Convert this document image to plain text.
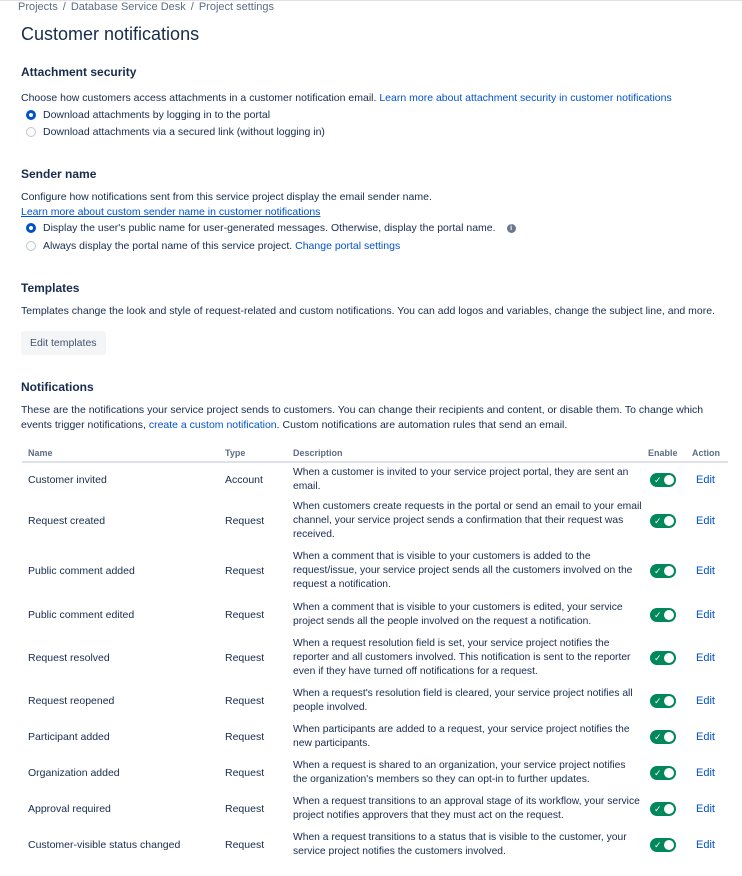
Projects / Database Service Desk / Project settings
Customer notifications
Attachment security
Choose how customers access attachments in a customer notification email. Learn more about attachment security in customer notifications
Download attachments by logging in to the portal
Download attachments via a secured link (without logging in)
Sender name
Configure how notifications sent from this service project display the email sender name.
Learn more about custom sender name in customer notifications
Display the user's public name for user-generated messages. Otherwise, display the portal name.	i
Always display the portal name of this service project. Change portal settings
Templates
Templates change the look and style of request-related and custom notifications. You can add logos and variables, change the subject line, and more.
Edit templates
Notifications
These are the notifications your service project sends to customers. You can change their recipients and content, or disable them. To change which
events trigger notifications, create a custom notification. Custom notifications are automation rules that send an email.
Name	Type	Description	Enable	Action
Customer invited	Account	When a customer is invited to your service project portal, they are sent an email.	✓	Edit
Request created	Request	When customers create requests in the portal or send an email to your email channel, your service project sends a confirmation that their request was received.	✓	Edit
Public comment added	Request	When a comment that is visible to your customers is added to the request/issue, your service project sends all the customers involved on the request a notification.	✓	Edit
Public comment edited	Request	When a comment that is visible to your customers is edited, your service project sends all the people involved on the request a notification.	✓	Edit
Request resolved	Request	When a request resolution field is set, your service project notifies the reporter and all customers involved. This notification is sent to the reporter even if they have turned off notifications for a request.	✓	Edit
Request reopened	Request	When a request's resolution field is cleared, your service project notifies all people involved.	✓	Edit
Participant added	Request	When participants are added to a request, your service project notifies the new participants.	✓	Edit
Organization added	Request	When a request is shared to an organization, your service project notifies the organization's members so they can opt-in to further updates.	✓	Edit
Approval required	Request	When a request transitions to an approval stage of its workflow, your service project notifies approvers that they must act on the request.	✓	Edit
Customer-visible status changed	Request	When a request transitions to a status that is visible to the customer, your service project notifies the customers involved.	✓	Edit
